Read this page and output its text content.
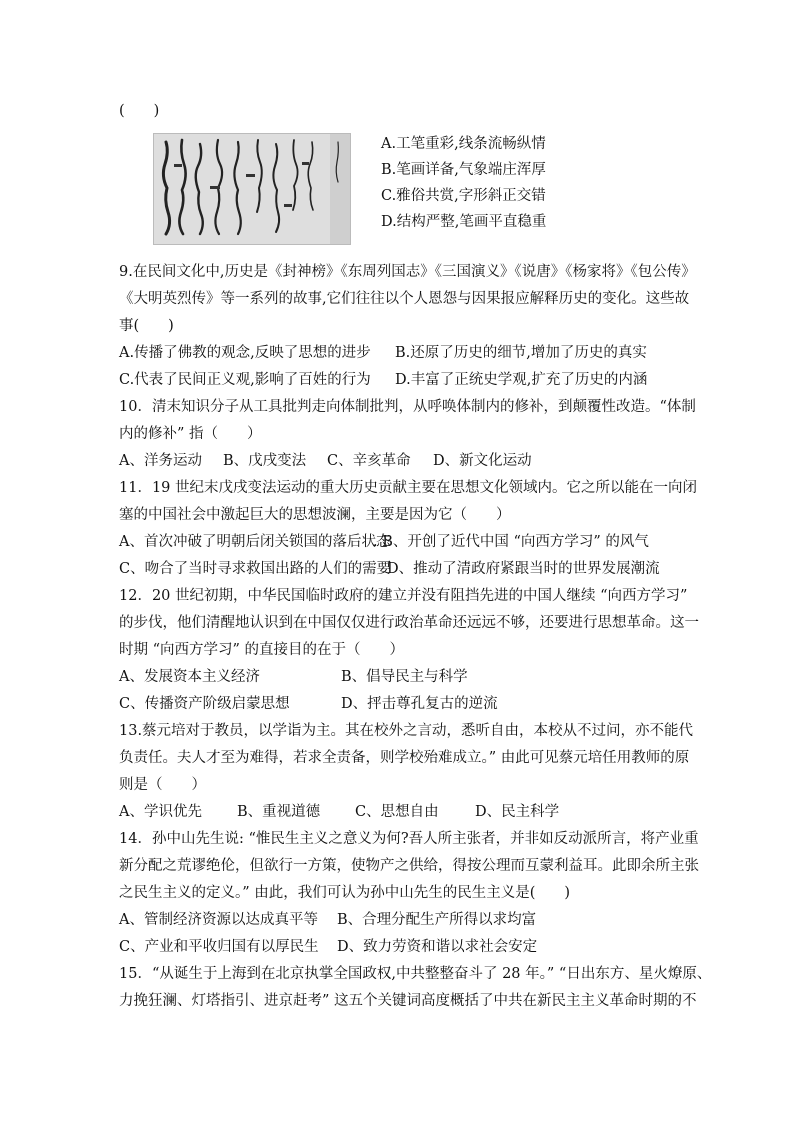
(　　)
A.工笔重彩,线条流畅纵情
B.笔画详备,气象端庄浑厚
C.雅俗共赏,字形斜正交错
D.结构严整,笔画平直稳重
9.在民间文化中,历史是《封神榜》《东周列国志》《三国演义》《说唐》《杨家将》《包公传》
《大明英烈传》等一系列的故事,它们往往以个人恩怨与因果报应解释历史的变化。这些故
事(　　)

A.传播了佛教的观念,反映了思想的进步

B.还原了历史的细节,增加了历史的真实

C.代表了民间正义观,影响了百姓的行为

D.丰富了正统史学观,扩充了历史的内涵

10．清末知识分子从工具批判走向体制批判，从呼唤体制内的修补，到颠覆性改造。“体制
内的修补” 指（　　）

A、洋务运动

B、戊戌变法

C、辛亥革命

D、新文化运动

11．19 世纪末戊戌变法运动的重大历史贡献主要在思想文化领域内。它之所以能在一向闭
塞的中国社会中激起巨大的思想波澜，主要是因为它（　　）

A、首次冲破了明朝后闭关锁国的落后状态

. B、开创了近代中国 “向西方学习” 的风气

C、吻合了当时寻求救国出路的人们的需要

D、推动了清政府紧跟当时的世界发展潮流

12．20 世纪初期，中华民国临时政府的建立并没有阻挡先进的中国人继续 “向西方学习”
的步伐，他们清醒地认识到在中国仅仅进行政治革命还远远不够，还要进行思想革命。这一
时期 “向西方学习” 的直接目的在于（　　）

A、发展资本主义经济

	B、倡导民主与科学

C、传播资产阶级启蒙思想

	D、抨击尊孔复古的逆流

13.蔡元培对于教员，以学诣为主。其在校外之言动，悉听自由，本校从不过问，亦不能代
负责任。夫人才至为难得，若求全责备，则学校殆难成立。” 由此可见蔡元培任用教师的原
则是（　　）

A、学识优先

B、重视道德

C、思想自由

	D、民主科学

14．孙中山先生说: “惟民生主义之意义为何?吾人所主张者，并非如反动派所言，将产业重
新分配之荒谬绝伦，但欲行一方策，使物产之供给，得按公理而互蒙利益耳。此即余所主张
之民生主义的定义。” 由此，我们可认为孙中山先生的民生主义是(　　)

A、管制经济资源以达成真平等

B、合理分配生产所得以求均富

C、产业和平收归国有以厚民生

D、致力劳资和谐以求社会安定

15．“从诞生于上海到在北京执掌全国政权,中共整整奋斗了 28 年。” “日出东方、星火燎原、
力挽狂澜、灯塔指引、进京赶考” 这五个关键词高度概括了中共在新民主主义革命时期的不
